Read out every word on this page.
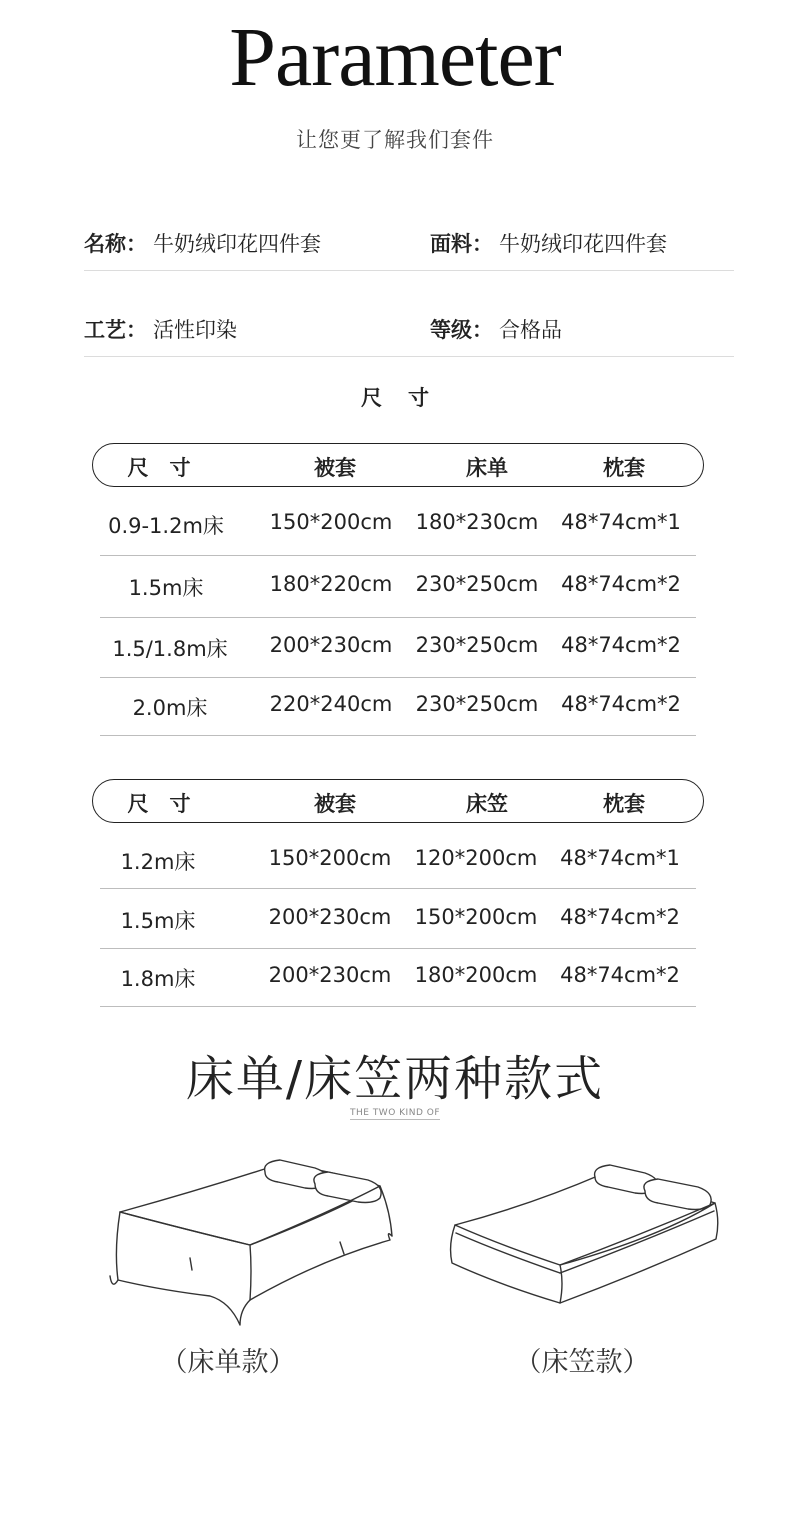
Parameter
让您更了解我们套件
名称： 牛奶绒印花四件套	面料： 牛奶绒印花四件套
工艺： 活性印染	等级： 合格品
尺寸
尺　寸	被套	床单	枕套
0.9-1.2m床 150*200cm 180*230cm 48*74cm*1
1.5m床	180*220cm 230*250cm 48*74cm*2
1.5/1.8m床 200*230cm 230*250cm 48*74cm*2
2.0m床	220*240cm 230*250cm 48*74cm*2
尺　寸	被套	床笠	枕套
1.2m床	150*200cm 120*200cm 48*74cm*1
1.5m床	200*230cm 150*200cm 48*74cm*2
1.8m床	200*230cm 180*200cm 48*74cm*2
床单/床笠两种款式
THE TWO KIND OF
（床单款）	（床笠款）
